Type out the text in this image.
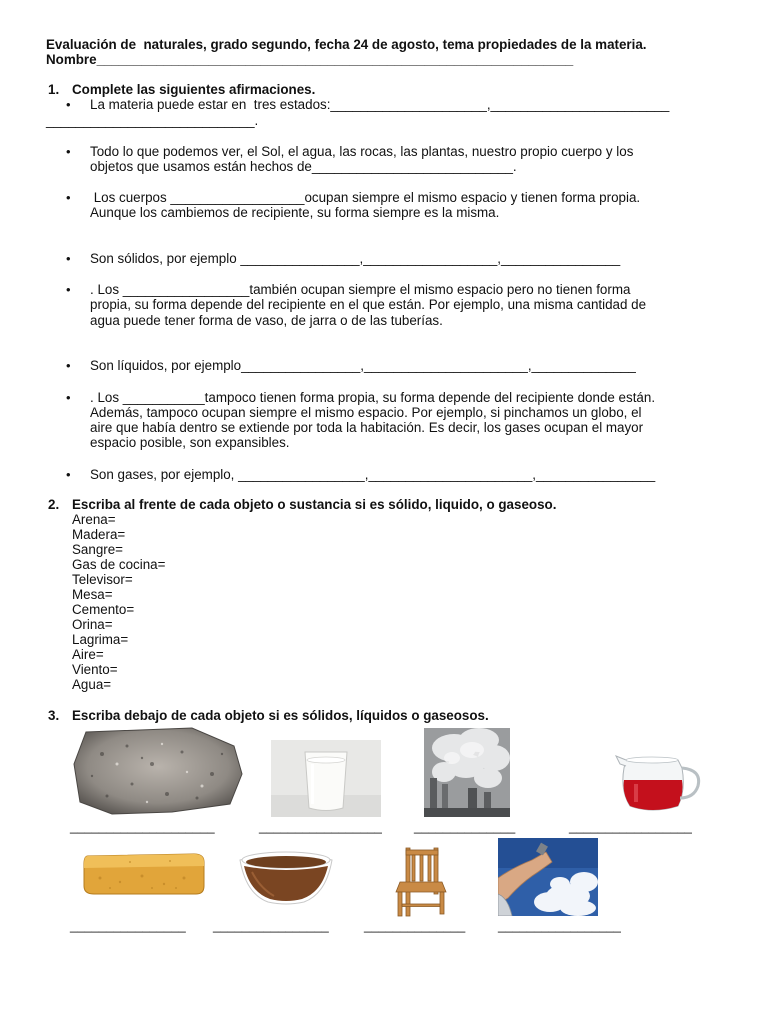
Evaluación de  naturales, grado segundo, fecha 24 de agosto, tema propiedades de la materia.
Nombre________________________________________________________________
1. Complete las siguientes afirmaciones.
• La materia puede estar en  tres estados:_____________________,________________________
____________________________.
• Todo lo que podemos ver, el Sol, el agua, las rocas, las plantas, nuestro propio cuerpo y los
objetos que usamos están hechos de___________________________.
• Los cuerpos __________________ocupan siempre el mismo espacio y tienen forma propia.
Aunque los cambiemos de recipiente, su forma siempre es la misma.
• Son sólidos, por ejemplo ________________,__________________,________________
• . Los _________________también ocupan siempre el mismo espacio pero no tienen forma
propia, su forma depende del recipiente en el que están. Por ejemplo, una misma cantidad de
agua puede tener forma de vaso, de jarra o de las tuberías.
• Son líquidos, por ejemplo________________,______________________,______________
• . Los ___________tampoco tienen forma propia, su forma depende del recipiente donde están.
Además, tampoco ocupan siempre el mismo espacio. Por ejemplo, si pinchamos un globo, el
aire que había dentro se extiende por toda la habitación. Es decir, los gases ocupan el mayor
espacio posible, son expansibles.
• Son gases, por ejemplo, _________________,______________________,________________
2. Escriba al frente de cada objeto o sustancia si es sólido, liquido, o gaseoso.
Arena=
Madera=
Sangre=
Gas de cocina=
Televisor=
Mesa=
Cemento=
Orina=
Lagrima=
Aire=
Viento=
Agua=
3. Escriba debajo de cada objeto si es sólidos, líquidos o gaseosos.
____________________	_________________ ______________	_________________
________________ ________________	______________	_________________
